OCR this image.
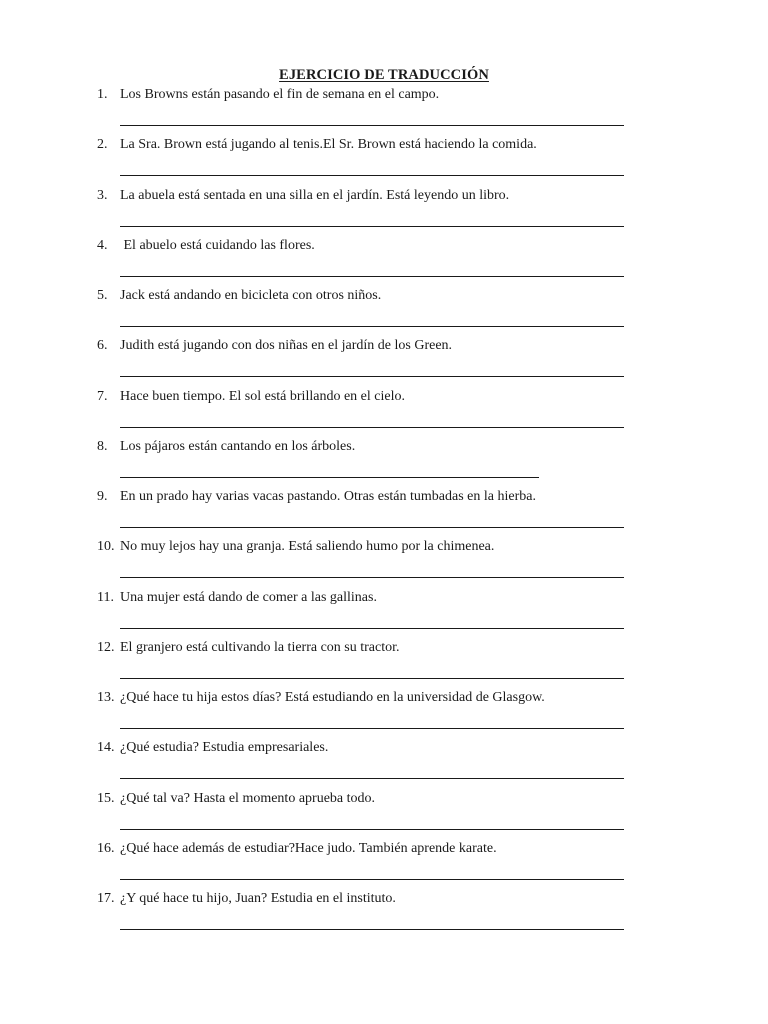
EJERCICIO DE TRADUCCIÓN
1. Los Browns están pasando el fin de semana en el campo.
2. La Sra. Brown está jugando al tenis.El Sr. Brown está haciendo la comida.
3. La abuela está sentada en una silla en el jardín. Está leyendo un libro.
4. El abuelo está cuidando las flores.
5. Jack está andando en bicicleta con otros niños.
6. Judith está jugando con dos niñas en el jardín de los Green.
7. Hace buen tiempo. El sol está brillando en el cielo.
8. Los pájaros están cantando en los árboles.
9. En un prado hay varias vacas pastando. Otras están tumbadas en la hierba.
10. No muy lejos hay una granja. Está saliendo humo por la chimenea.
11. Una mujer está dando de comer a las gallinas.
12. El granjero está cultivando la tierra con su tractor.
13. ¿Qué hace tu hija estos días? Está estudiando en la universidad de Glasgow.
14. ¿Qué estudia? Estudia empresariales.
15. ¿Qué tal va? Hasta el momento aprueba todo.
16. ¿Qué hace además de estudiar?Hace judo. También aprende karate.
17. ¿Y qué hace tu hijo, Juan? Estudia en el instituto.
